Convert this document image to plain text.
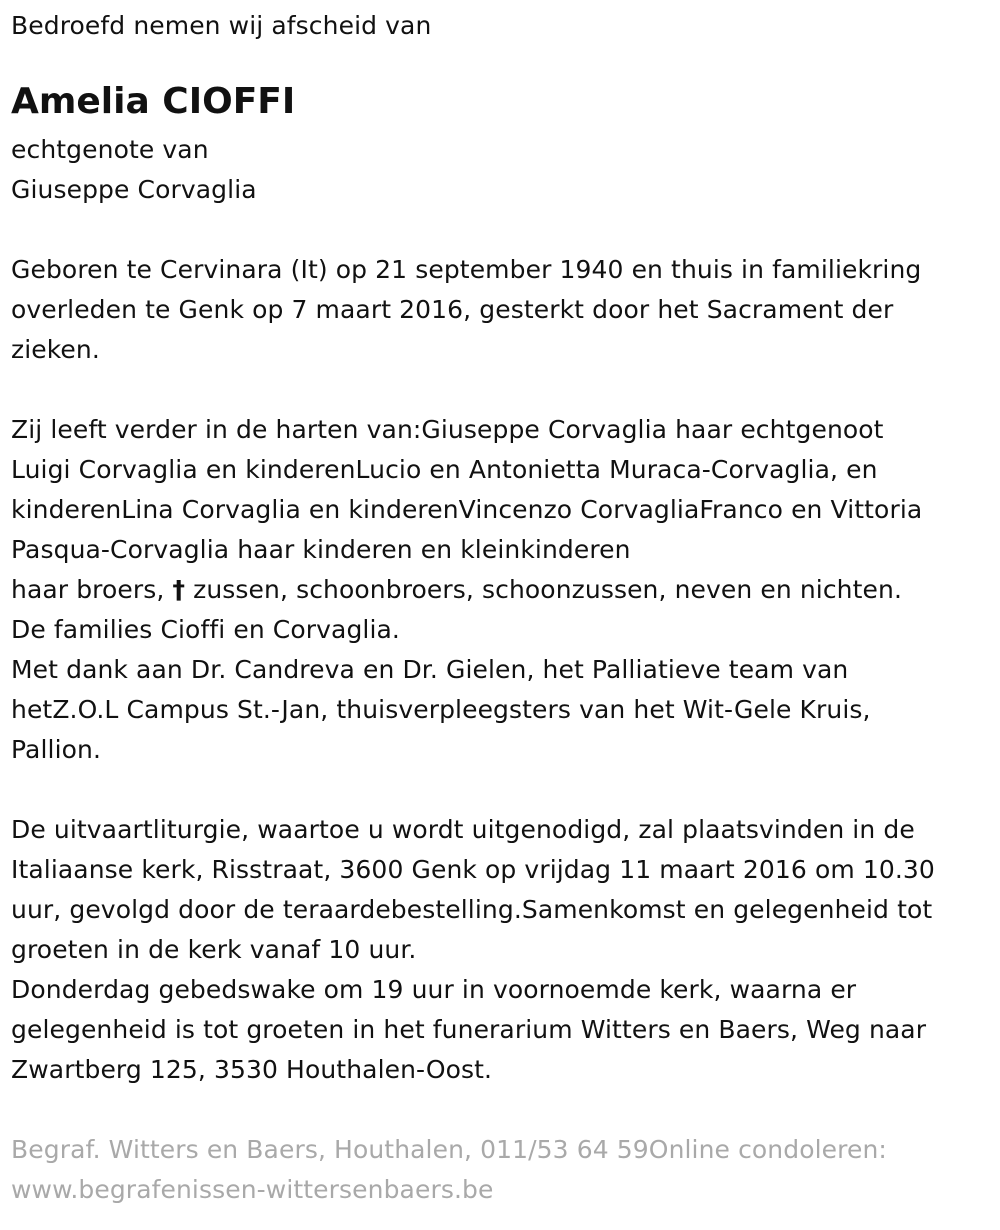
Bedroefd nemen wij afscheid van
Amelia CIOFFI
echtgenote van
Giuseppe Corvaglia
Geboren te Cervinara (It) op 21 september 1940 en thuis in familiekring
overleden te Genk op 7 maart 2016, gesterkt door het Sacrament der
zieken.
Zij leeft verder in de harten van:Giuseppe Corvaglia haar echtgenoot
Luigi Corvaglia en kinderenLucio en Antonietta Muraca-Corvaglia, en
kinderenLina Corvaglia en kinderenVincenzo CorvagliaFranco en Vittoria
Pasqua-Corvaglia haar kinderen en kleinkinderen
haar broers, † zussen, schoonbroers, schoonzussen, neven en nichten.
De families Cioffi en Corvaglia.
Met dank aan Dr. Candreva en Dr. Gielen, het Palliatieve team van
hetZ.O.L Campus St.-Jan, thuisverpleegsters van het Wit-Gele Kruis,
Pallion.
De uitvaartliturgie, waartoe u wordt uitgenodigd, zal plaatsvinden in de
Italiaanse kerk, Risstraat, 3600 Genk op vrijdag 11 maart 2016 om 10.30
uur, gevolgd door de teraardebestelling.Samenkomst en gelegenheid tot
groeten in de kerk vanaf 10 uur.
Donderdag gebedswake om 19 uur in voornoemde kerk, waarna er
gelegenheid is tot groeten in het funerarium Witters en Baers, Weg naar
Zwartberg 125, 3530 Houthalen-Oost.
Begraf. Witters en Baers, Houthalen, 011/53 64 59Online condoleren:
www.begrafenissen-wittersenbaers.be
